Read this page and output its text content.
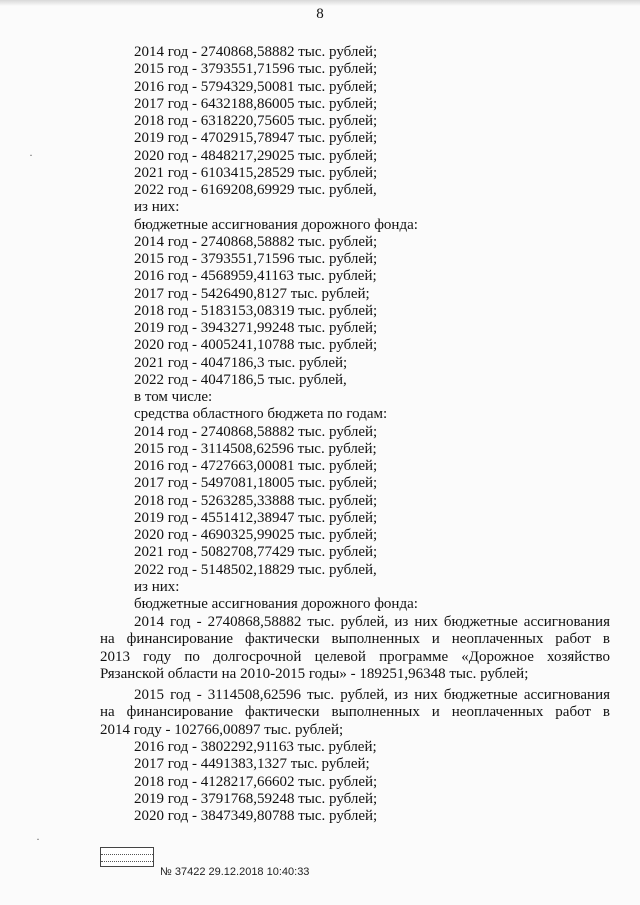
8
2014 год - 2740868,58882 тыс. рублей;
2015 год - 3793551,71596 тыс. рублей;
2016 год - 5794329,50081 тыс. рублей;
2017 год - 6432188,86005 тыс. рублей;
2018 год - 6318220,75605 тыс. рублей;
2019 год - 4702915,78947 тыс. рублей;
2020 год - 4848217,29025 тыс. рублей;
2021 год - 6103415,28529 тыс. рублей;
2022 год - 6169208,69929 тыс. рублей,
из них:
бюджетные ассигнования дорожного фонда:
2014 год - 2740868,58882 тыс. рублей;
2015 год - 3793551,71596 тыс. рублей;
2016 год - 4568959,41163 тыс. рублей;
2017 год - 5426490,8127 тыс. рублей;
2018 год - 5183153,08319 тыс. рублей;
2019 год - 3943271,99248 тыс. рублей;
2020 год - 4005241,10788 тыс. рублей;
2021 год - 4047186,3 тыс. рублей;
2022 год - 4047186,5 тыс. рублей,
в том числе:
средства областного бюджета по годам:
2014 год - 2740868,58882 тыс. рублей;
2015 год - 3114508,62596 тыс. рублей;
2016 год - 4727663,00081 тыс. рублей;
2017 год - 5497081,18005 тыс. рублей;
2018 год - 5263285,33888 тыс. рублей;
2019 год - 4551412,38947 тыс. рублей;
2020 год - 4690325,99025 тыс. рублей;
2021 год - 5082708,77429 тыс. рублей;
2022 год - 5148502,18829 тыс. рублей,
из них:
бюджетные ассигнования дорожного фонда:
2014 год - 2740868,58882 тыс. рублей, из них бюджетные ассигнования
на финансирование фактически выполненных и неоплаченных работ в
2013 году по долгосрочной целевой программе «Дорожное хозяйство
Рязанской области на 2010-2015 годы» - 189251,96348 тыс. рублей;
2015 год - 3114508,62596 тыс. рублей, из них бюджетные ассигнования
на финансирование фактически выполненных и неоплаченных работ в
2014 году - 102766,00897 тыс. рублей;
2016 год - 3802292,91163 тыс. рублей;
2017 год - 4491383,1327 тыс. рублей;
2018 год - 4128217,66602 тыс. рублей;
2019 год - 3791768,59248 тыс. рублей;
2020 год - 3847349,80788 тыс. рублей;
·
·
№ 37422 29.12.2018 10:40:33
